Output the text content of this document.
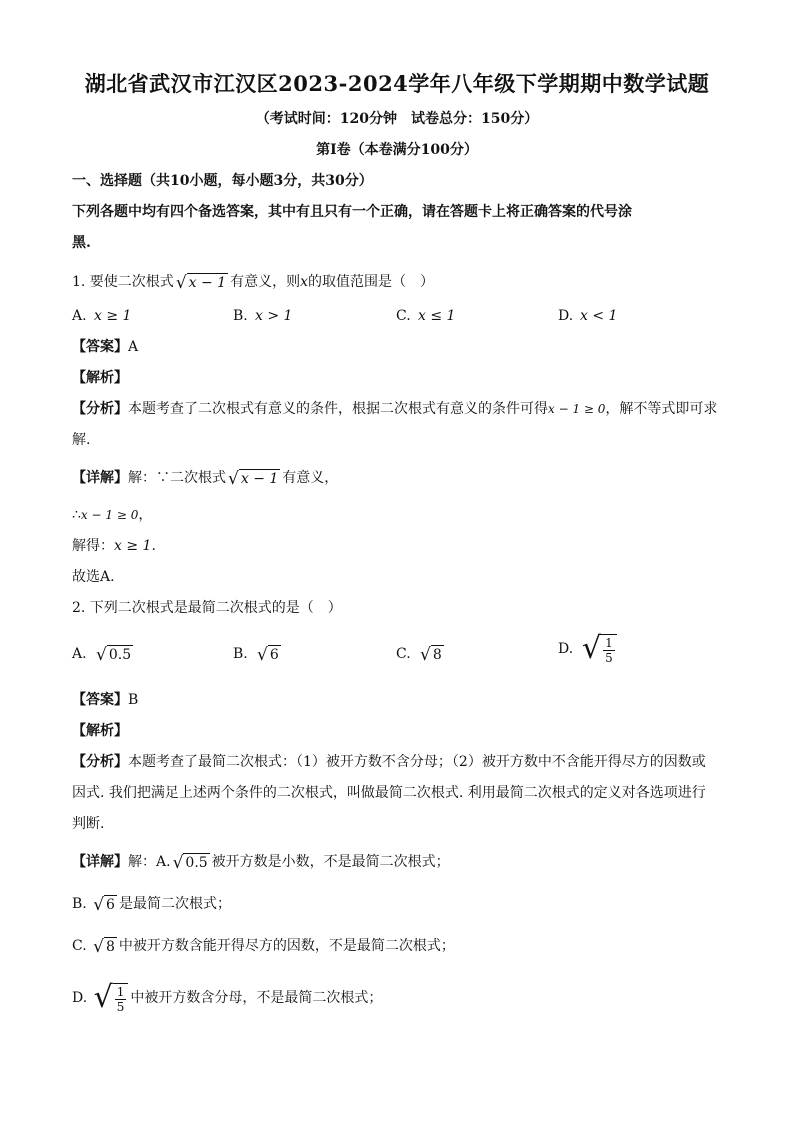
湖北省武汉市江汉区2023-2024学年八年级下学期期中数学试题
（考试时间：120分钟　试卷总分：150分）
第I卷（本卷满分100分）
一、选择题（共10小题，每小题3分，共30分）
下列各题中均有四个备选答案，其中有且只有一个正确，请在答题卡上将正确答案的代号涂
黑.
1. 要使二次根式 √ x − 1 有意义，则x的取值范围是（　）
A. x ≥ 1	B. x > 1	C. x ≤ 1	D. x < 1
【答案】A
【解析】
【分析】本题考查了二次根式有意义的条件，根据二次根式有意义的条件可得x − 1 ≥ 0，解不等式即可求
解.
【详解】解：∵二次根式 √ x − 1 有意义，
∴x − 1 ≥ 0，
解得：x ≥ 1.
故选A.
2. 下列二次根式是最简二次根式的是（　）
A. √ 0.5	B. √ 6	C. √ 8	D. √ $\frac{1}{5}$
【答案】B
【解析】
【分析】本题考查了最简二次根式：（1）被开方数不含分母；（2）被开方数中不含能开得尽方的因数或
因式. 我们把满足上述两个条件的二次根式，叫做最简二次根式. 利用最简二次根式的定义对各选项进行
判断.
【详解】解：A. √ 0.5 被开方数是小数，不是最简二次根式；
B. √ 6 是最简二次根式；
C. √ 8 中被开方数含能开得尽方的因数，不是最简二次根式；
D. √ $\frac{1}{5}$ 中被开方数含分母，不是最简二次根式；
